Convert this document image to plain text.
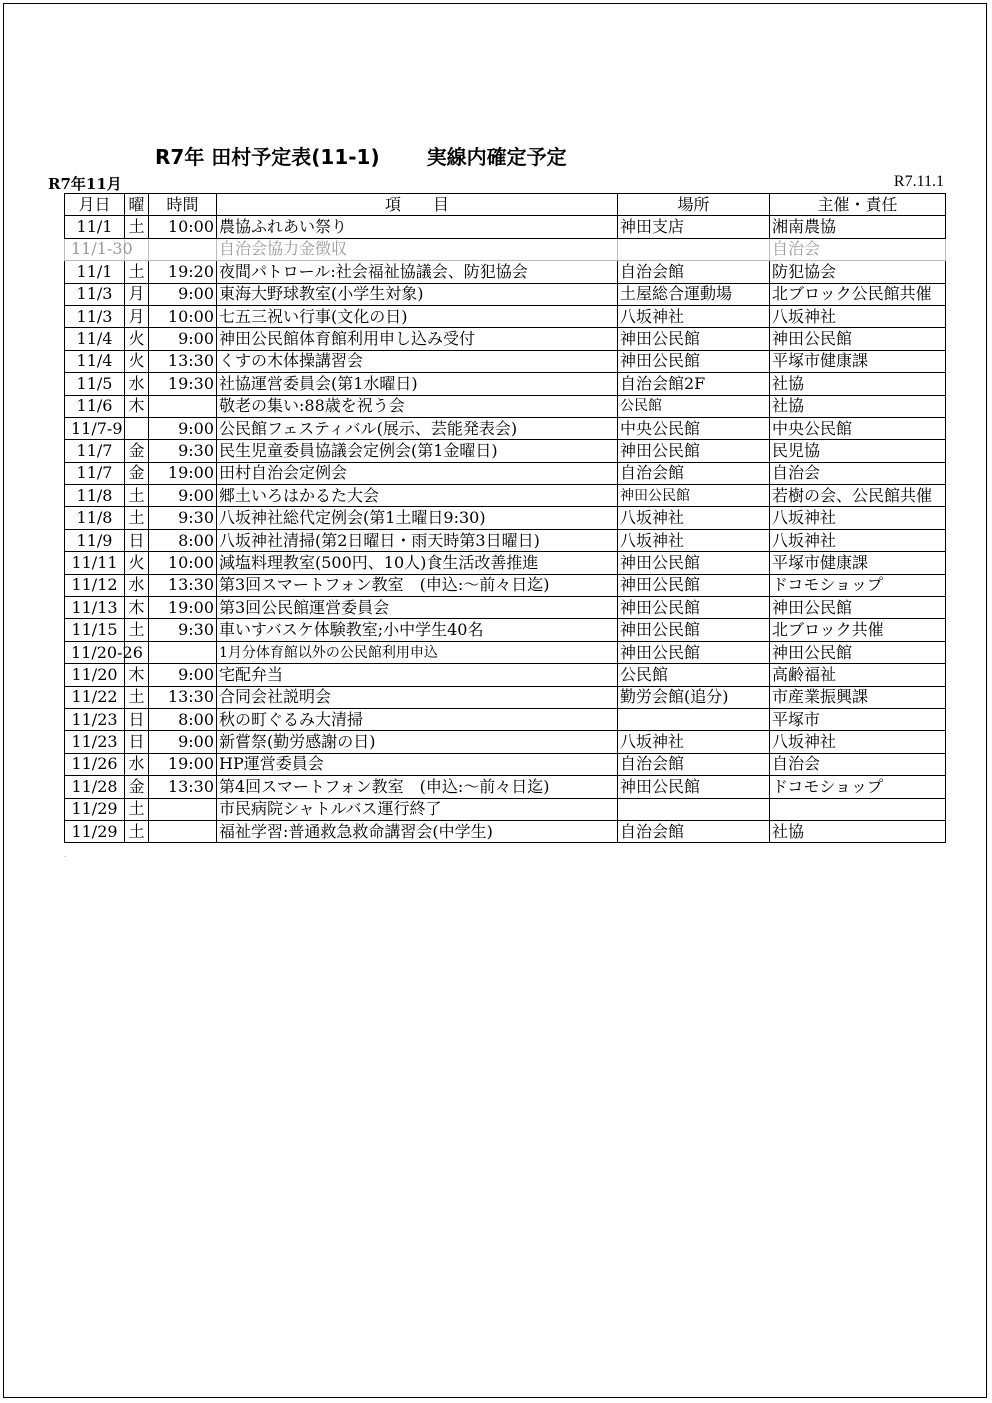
R7年 田村予定表(11-1)　　 実線内確定予定
R7年11月	R7.11.1
月日	曜	時間	項　　目	場所	主催・責任
11/1	土	10:00	農協ふれあい祭り	神田支店	湘南農協
11/1-30			自治会協力金徴収		自治会
11/1	土	19:20	夜間パトロール:社会福祉協議会、防犯協会	自治会館	防犯協会
11/3	月	9:00	東海大野球教室(小学生対象)	土屋総合運動場	北ブロック公民館共催
11/3	月	10:00	七五三祝い行事(文化の日)	八坂神社	八坂神社
11/4	火	9:00	神田公民館体育館利用申し込み受付	神田公民館	神田公民館
11/4	火	13:30	くすの木体操講習会	神田公民館	平塚市健康課
11/5	水	19:30	社協運営委員会(第1水曜日)	自治会館2F	社協
11/6	木		敬老の集い:88歳を祝う会	公民館	社協
11/7-9		9:00	公民館フェスティバル(展示、芸能発表会)	中央公民館	中央公民館
11/7	金	9:30	民生児童委員協議会定例会(第1金曜日)	神田公民館	民児協
11/7	金	19:00	田村自治会定例会	自治会館	自治会
11/8	土	9:00	郷土いろはかるた大会	神田公民館	若樹の会、公民館共催
11/8	土	9:30	八坂神社総代定例会(第1土曜日9:30)	八坂神社	八坂神社
11/9	日	8:00	八坂神社清掃(第2日曜日・雨天時第3日曜日)	八坂神社	八坂神社
11/11	火	10:00	減塩料理教室(500円、10人)食生活改善推進	神田公民館	平塚市健康課
11/12	水	13:30	第3回スマートフォン教室　(申込:～前々日迄)	神田公民館	ドコモショップ
11/13	木	19:00	第3回公民館運営委員会	神田公民館	神田公民館
11/15	土	9:30	車いすバスケ体験教室;小中学生40名	神田公民館	北ブロック共催
11/20-26			1月分体育館以外の公民館利用申込	神田公民館	神田公民館
11/20	木	9:00	宅配弁当	公民館	高齢福祉
11/22	土	13:30	合同会社説明会	勤労会館(追分)	市産業振興課
11/23	日	8:00	秋の町ぐるみ大清掃		平塚市
11/23	日	9:00	新嘗祭(勤労感謝の日)	八坂神社	八坂神社
11/26	水	19:00	HP運営委員会	自治会館	自治会
11/28	金	13:30	第4回スマートフォン教室　(申込:～前々日迄)	神田公民館	ドコモショップ
11/29	土		市民病院シャトルバス運行終了		
11/29	土		福祉学習:普通救急救命講習会(中学生)	自治会館	社協
.
